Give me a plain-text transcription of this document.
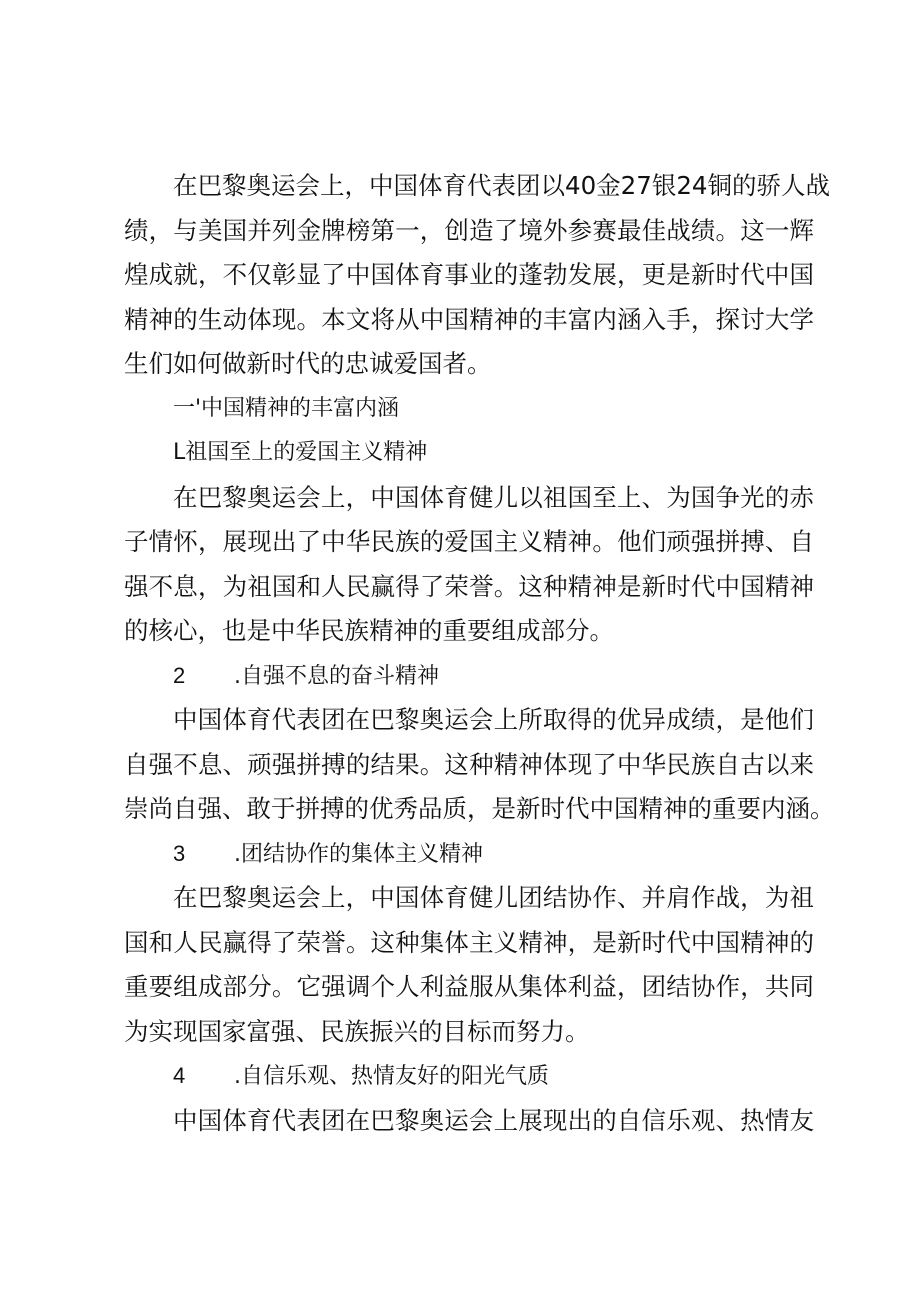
在巴黎奥运会上，中国体育代表团以40金27银24铜的骄人战
绩，与美国并列金牌榜第一，创造了境外参赛最佳战绩。这一辉
煌成就，不仅彰显了中国体育事业的蓬勃发展，更是新时代中国
精神的生动体现。本文将从中国精神的丰富内涵入手，探讨大学
生们如何做新时代的忠诚爱国者。
一'中国精神的丰富内涵
L祖国至上的爱国主义精神
在巴黎奥运会上，中国体育健儿以祖国至上、为国争光的赤
子情怀，展现出了中华民族的爱国主义精神。他们顽强拼搏、自
强不息，为祖国和人民赢得了荣誉。这种精神是新时代中国精神
的核心，也是中华民族精神的重要组成部分。
2 .自强不息的奋斗精神
中国体育代表团在巴黎奥运会上所取得的优异成绩，是他们
自强不息、顽强拼搏的结果。这种精神体现了中华民族自古以来
崇尚自强、敢于拼搏的优秀品质，是新时代中国精神的重要内涵。
3 .团结协作的集体主义精神
在巴黎奥运会上，中国体育健儿团结协作、并肩作战，为祖
国和人民赢得了荣誉。这种集体主义精神，是新时代中国精神的
重要组成部分。它强调个人利益服从集体利益，团结协作，共同
为实现国家富强、民族振兴的目标而努力。
4 .自信乐观、热情友好的阳光气质
中国体育代表团在巴黎奥运会上展现出的自信乐观、热情友
